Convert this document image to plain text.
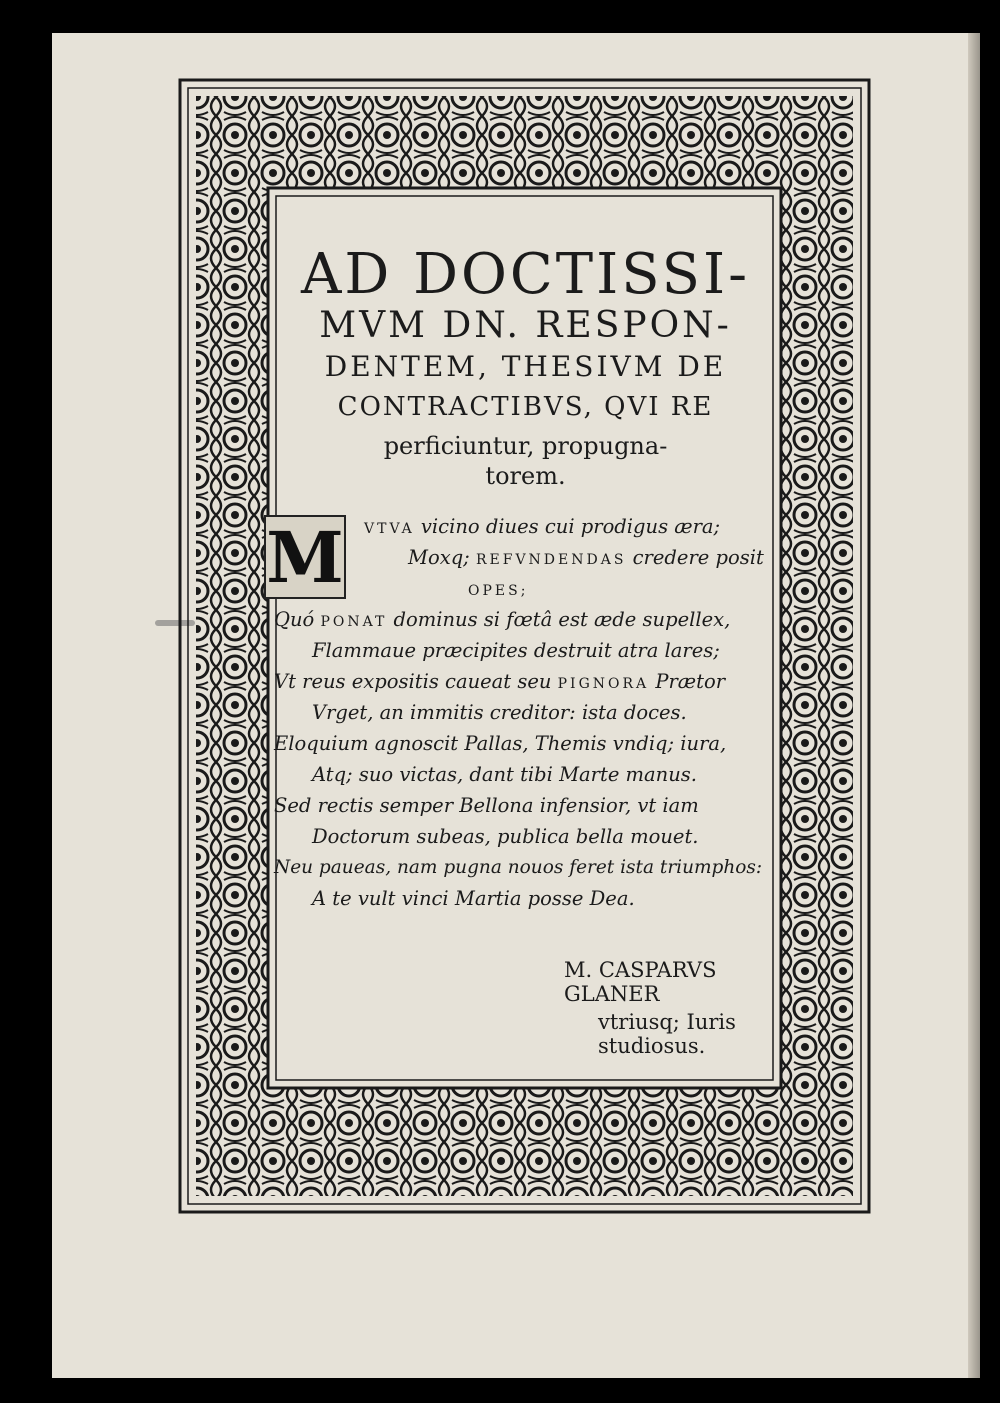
AD DOCTISSI-
MVM DN. RESPON-
DENTEM, THESIVM DE
CONTRACTIBVS, QVI RE
perficiuntur, propugna-
torem.
M	VTVA vicino diues cui prodigus æra;
Moxq; REFVNDENDAS credere posit
OPES;
Quó PONAT dominus si fœtâ est æde supellex,
Flammaue præcipites destruit atra lares;
Vt reus expositis caueat seu PIGNORA Prætor
Vrget, an immitis creditor: ista doces.
Eloquium agnoscit Pallas, Themis vndiq; iura,
Atq; suo victas, dant tibi Marte manus.
Sed rectis semper Bellona infensior, vt iam
Doctorum subeas, publica bella mouet.
Neu paueas, nam pugna nouos feret ista triumphos:
A te vult vinci Martia posse Dea.
M. CASPARVS GLANER
vtriusq; Iuris studiosus.
